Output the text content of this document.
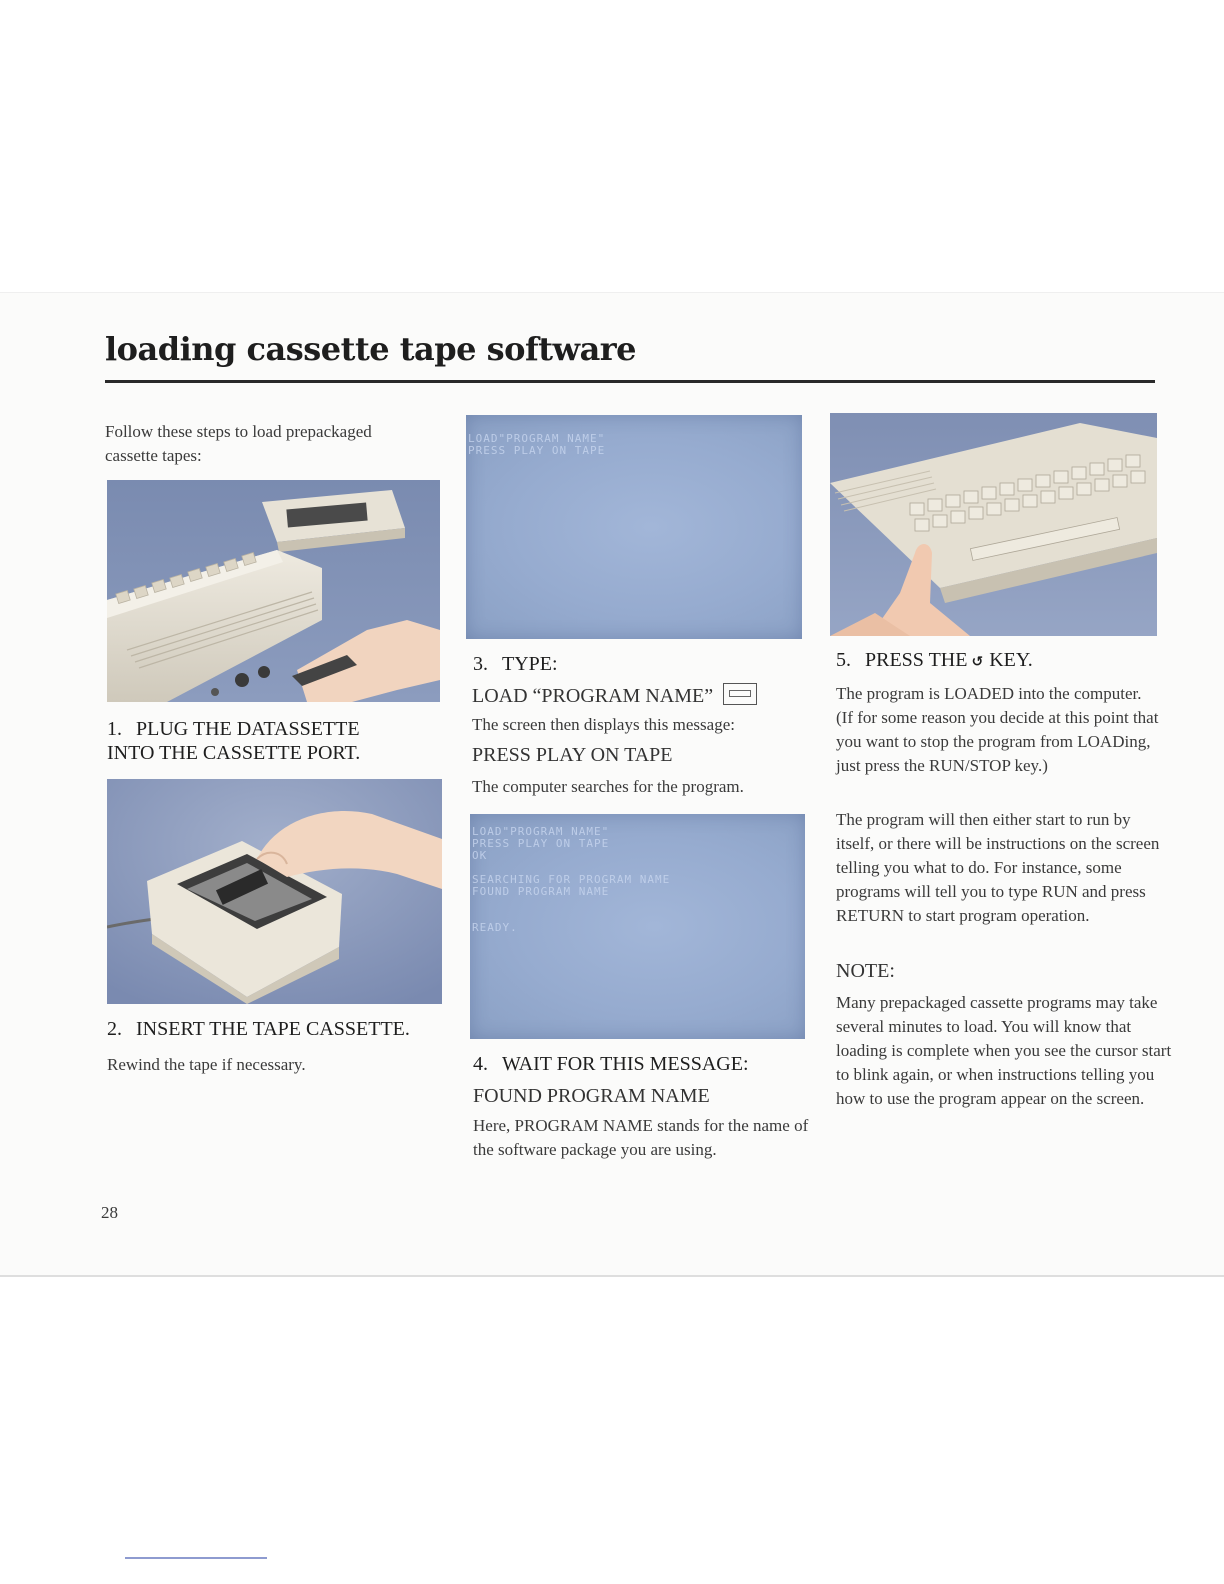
loading cassette tape software

Follow these steps to load prepackaged cassette tapes:

1. PLUG THE DATASSETTE
INTO THE CASSETTE PORT.
2. INSERT THE TAPE CASSETTE.

Rewind the tape if necessary.

28
LOAD"PROGRAM NAME"
PRESS PLAY ON TAPE
3. TYPE:
LOAD “PROGRAM NAME”

The screen then displays this message:

PRESS PLAY ON TAPE

The computer searches for the program.

LOAD"PROGRAM NAME"
PRESS PLAY ON TAPE
OK
SEARCHING FOR PROGRAM NAME
FOUND PROGRAM NAME
READY.
4. WAIT FOR THIS MESSAGE:
FOUND PROGRAM NAME

Here, PROGRAM NAME stands for the name of the software package you are using.

5. PRESS THE ↺ KEY.

The program is LOADED into the computer. (If for some reason you decide at this point that you want to stop the program from LOADing, just press the RUN/STOP key.)

The program will then either start to run by itself, or there will be instructions on the screen telling you what to do. For instance, some programs will tell you to type RUN and press RETURN to start program operation.

NOTE:

Many prepackaged cassette programs may take several minutes to load. You will know that loading is complete when you see the cursor start to blink again, or when instructions telling you how to use the program appear on the screen.
